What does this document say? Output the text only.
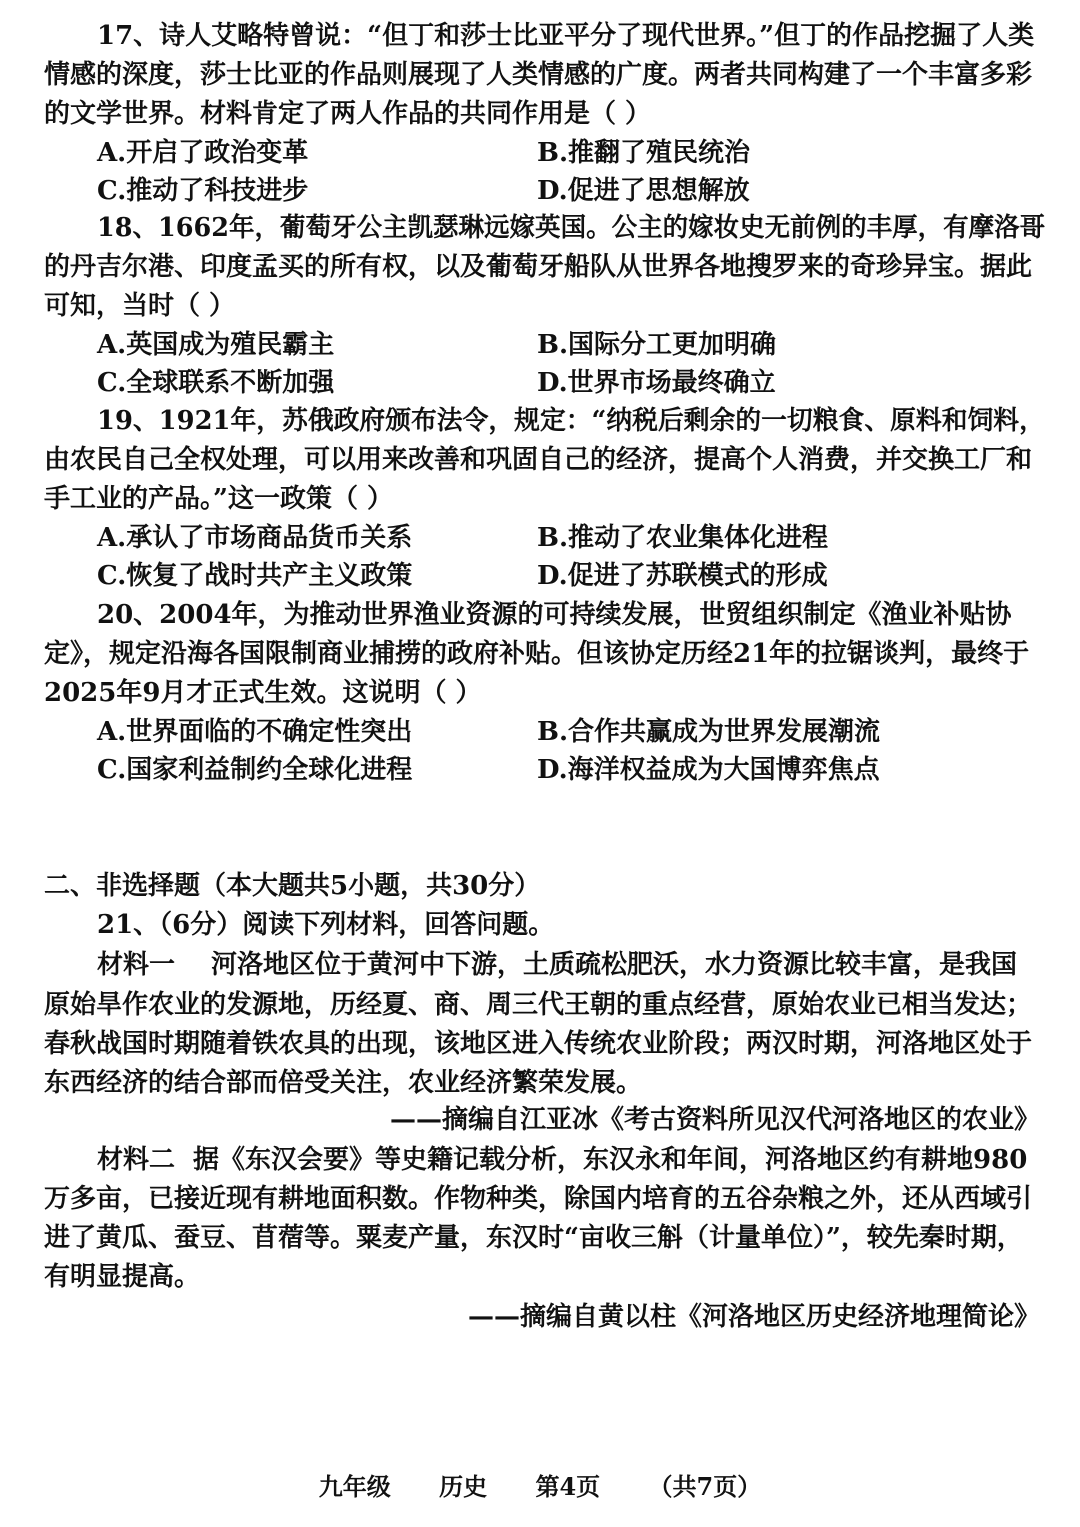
17、诗人艾略特曾说：“但丁和莎士比亚平分了现代世界。”但丁的作品挖掘了人类
情感的深度，莎士比亚的作品则展现了人类情感的广度。两者共同构建了一个丰富多彩
的文学世界。材料肯定了两人作品的共同作用是（ ）
A.开启了政治变革	B.推翻了殖民统治
C.推动了科技进步	D.促进了思想解放
18、1662年，葡萄牙公主凯瑟琳远嫁英国。公主的嫁妆史无前例的丰厚，有摩洛哥
的丹吉尔港、印度孟买的所有权，以及葡萄牙船队从世界各地搜罗来的奇珍异宝。据此
可知，当时（ ）
A.英国成为殖民霸主	B.国际分工更加明确
C.全球联系不断加强	D.世界市场最终确立
19、1921年，苏俄政府颁布法令，规定：“纳税后剩余的一切粮食、原料和饲料，
由农民自己全权处理，可以用来改善和巩固自己的经济，提高个人消费，并交换工厂和
手工业的产品。”这一政策（ ）
A.承认了市场商品货币关系	B.推动了农业集体化进程
C.恢复了战时共产主义政策	D.促进了苏联模式的形成
20、2004年，为推动世界渔业资源的可持续发展，世贸组织制定《渔业补贴协
定》，规定沿海各国限制商业捕捞的政府补贴。但该协定历经21年的拉锯谈判，最终于
2025年9月才正式生效。这说明（ ）
A.世界面临的不确定性突出	B.合作共赢成为世界发展潮流
C.国家利益制约全球化进程	D.海洋权益成为大国博弈焦点
二、非选择题（本大题共5小题，共30分）
21、（6分）阅读下列材料，回答问题。
材料一 河洛地区位于黄河中下游，土质疏松肥沃，水力资源比较丰富，是我国
原始旱作农业的发源地，历经夏、商、周三代王朝的重点经营，原始农业已相当发达；
春秋战国时期随着铁农具的出现，该地区进入传统农业阶段；两汉时期，河洛地区处于
东西经济的结合部而倍受关注，农业经济繁荣发展。
——摘编自江亚冰《考古资料所见汉代河洛地区的农业》
材料二 据《东汉会要》等史籍记载分析，东汉永和年间，河洛地区约有耕地980
万多亩，已接近现有耕地面积数。作物种类，除国内培育的五谷杂粮之外，还从西域引
进了黄瓜、蚕豆、苜蓿等。粟麦产量，东汉时“亩收三斛（计量单位）”，较先秦时期，
有明显提高。
——摘编自黄以柱《河洛地区历史经济地理简论》
九年级 历史 第4页 （共7页）
